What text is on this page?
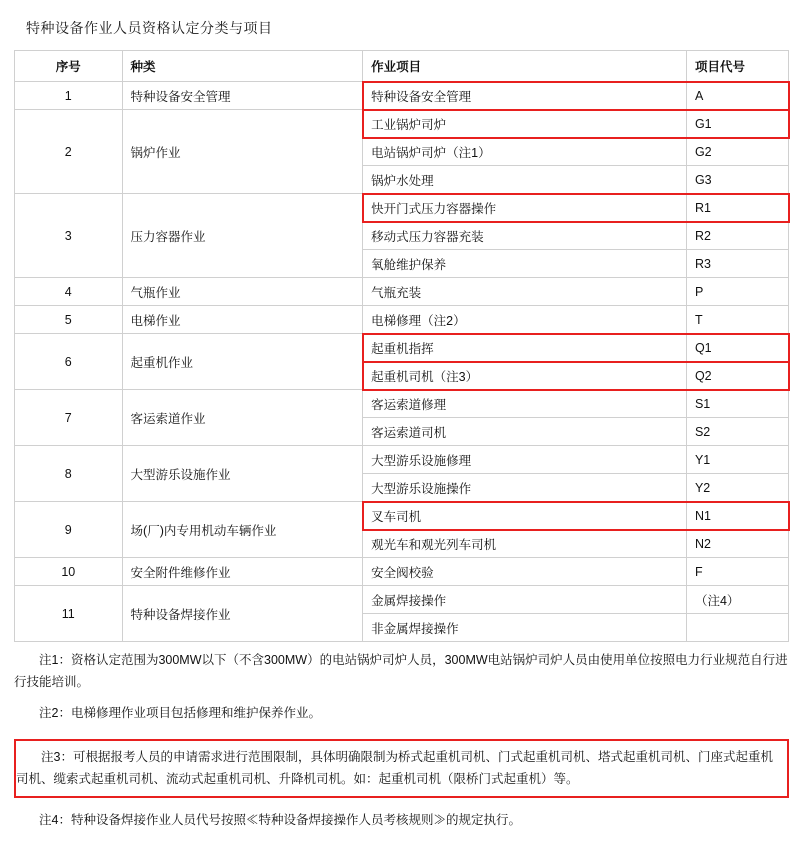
特种设备作业人员资格认定分类与项目
序号	种类	作业项目	项目代号
1	特种设备安全管理	特种设备安全管理	A
2	锅炉作业	工业锅炉司炉	G1
		电站锅炉司炉（注1）	G2
		锅炉水处理	G3
3	压力容器作业	快开门式压力容器操作	R1
		移动式压力容器充装	R2
		氧舱维护保养	R3
4	气瓶作业	气瓶充装	P
5	电梯作业	电梯修理（注2）	T
6	起重机作业	起重机指挥	Q1
		起重机司机（注3）	Q2
7	客运索道作业	客运索道修理	S1
		客运索道司机	S2
8	大型游乐设施作业	大型游乐设施修理	Y1
		大型游乐设施操作	Y2
9	场(厂)内专用机动车辆作业	叉车司机	N1
		观光车和观光列车司机	N2
10	安全附件维修作业	安全阀校验	F
11	特种设备焊接作业	金属焊接操作	（注4）
		非金属焊接操作	

注1：资格认定范围为300MW以下（不含300MW）的电站锅炉司炉人员，300MW电站锅炉司炉人员由使用单位按照电力行业规范自行进行技能培训。

注2：电梯修理作业项目包括修理和维护保养作业。

注3：可根据报考人员的申请需求进行范围限制，具体明确限制为桥式起重机司机、门式起重机司机、塔式起重机司机、门座式起重机司机、缆索式起重机司机、流动式起重机司机、升降机司机。如：起重机司机（限桥门式起重机）等。

注4：特种设备焊接作业人员代号按照≪特种设备焊接操作人员考核规则≫的规定执行。
